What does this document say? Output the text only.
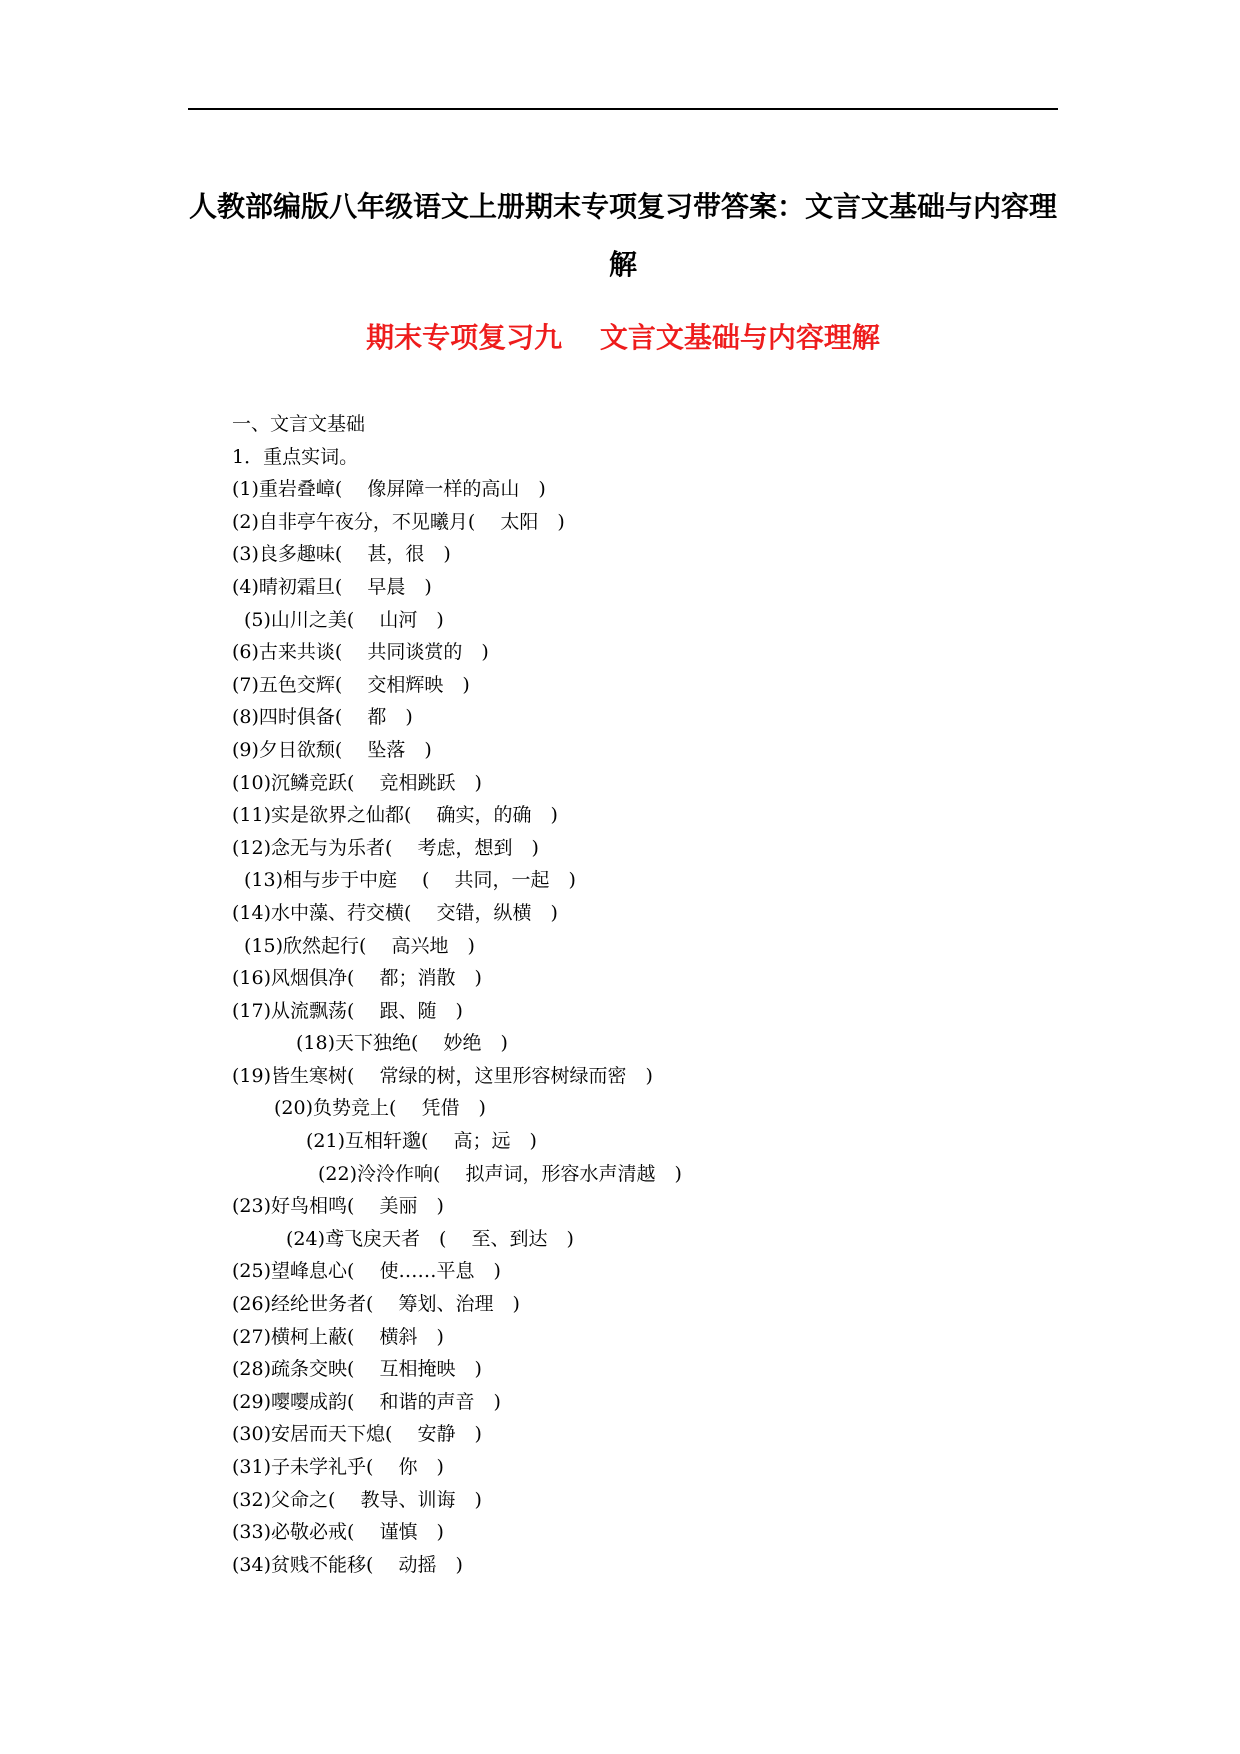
人教部编版八年级语文上册期末专项复习带答案：文言文基础与内容理解
期末专项复习九　 文言文基础与内容理解
一、文言文基础
1．重点实词。
(1)重岩叠嶂(　 像屏障一样的高山　)
(2)自非亭午夜分，不见曦月(　 太阳　)
(3)良多趣味(　 甚，很　)
(4)晴初霜旦(　 早晨　)
(5)山川之美(　 山河　)
(6)古来共谈(　 共同谈赏的　)
(7)五色交辉(　 交相辉映　)
(8)四时俱备(　 都　)
(9)夕日欲颓(　 坠落　)
(10)沉鳞竞跃(　 竞相跳跃　)
(11)实是欲界之仙都(　 确实，的确　)
(12)念无与为乐者(　 考虑，想到　)
(13)相与步于中庭　 (　 共同，一起　)
(14)水中藻、荇交横(　 交错，纵横　)
(15)欣然起行(　 高兴地　)
(16)风烟俱净(　 都；消散　)
(17)从流飘荡(　 跟、随　)
(18)天下独绝(　 妙绝　)
(19)皆生寒树(　 常绿的树，这里形容树绿而密　)
(20)负势竞上(　 凭借　)
(21)互相轩邈(　 高；远　)
(22)泠泠作响(　 拟声词，形容水声清越　)
(23)好鸟相鸣(　 美丽　)
(24)鸢飞戾天者　(　 至、到达　)
(25)望峰息心(　 使……平息　)
(26)经纶世务者(　 筹划、治理　)
(27)横柯上蔽(　 横斜　)
(28)疏条交映(　 互相掩映　)
(29)嘤嘤成韵(　 和谐的声音　)
(30)安居而天下熄(　 安静　)
(31)子未学礼乎(　 你　)
(32)父命之(　 教导、训诲　)
(33)必敬必戒(　 谨慎　)
(34)贫贱不能移(　 动摇　)
